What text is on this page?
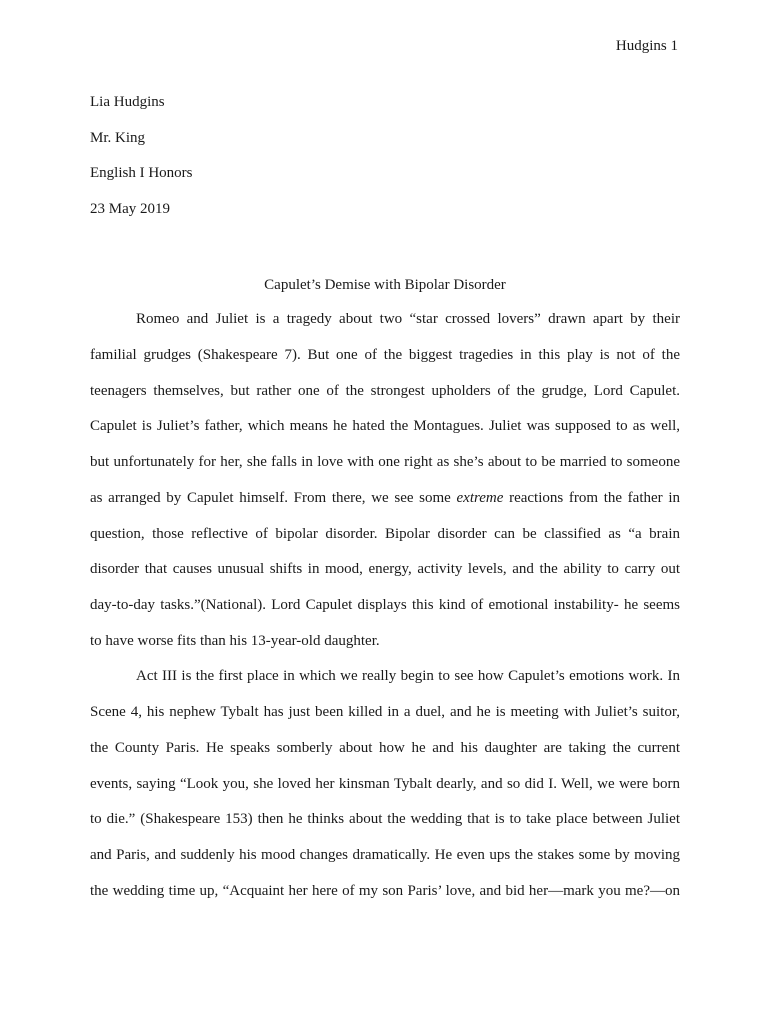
Hudgins 1
Lia Hudgins
Mr. King
English I Honors
23 May 2019
Capulet’s Demise with Bipolar Disorder
Romeo and Juliet is a tragedy about two “star crossed lovers” drawn apart by their
familial grudges (Shakespeare 7). But one of the biggest tragedies in this play is not of the
teenagers themselves, but rather one of the strongest upholders of the grudge, Lord Capulet.
Capulet is Juliet’s father, which means he hated the Montagues. Juliet was supposed to as well,
but unfortunately for her, she falls in love with one right as she’s about to be married to someone
as arranged by Capulet himself. From there, we see some extreme reactions from the father in
question, those reflective of bipolar disorder. Bipolar disorder can be classified as “a brain
disorder that causes unusual shifts in mood, energy, activity levels, and the ability to carry out
day-to-day tasks.”(National). Lord Capulet displays this kind of emotional instability- he seems
to have worse fits than his 13-year-old daughter.
Act III is the first place in which we really begin to see how Capulet’s emotions work. In
Scene 4, his nephew Tybalt has just been killed in a duel, and he is meeting with Juliet’s suitor,
the County Paris. He speaks somberly about how he and his daughter are taking the current
events, saying “Look you, she loved her kinsman Tybalt dearly, and so did I. Well, we were born
to die.” (Shakespeare 153) then he thinks about the wedding that is to take place between Juliet
and Paris, and suddenly his mood changes dramatically. He even ups the stakes some by moving
the wedding time up, “Acquaint her here of my son Paris’ love, and bid her—mark you me?—on
